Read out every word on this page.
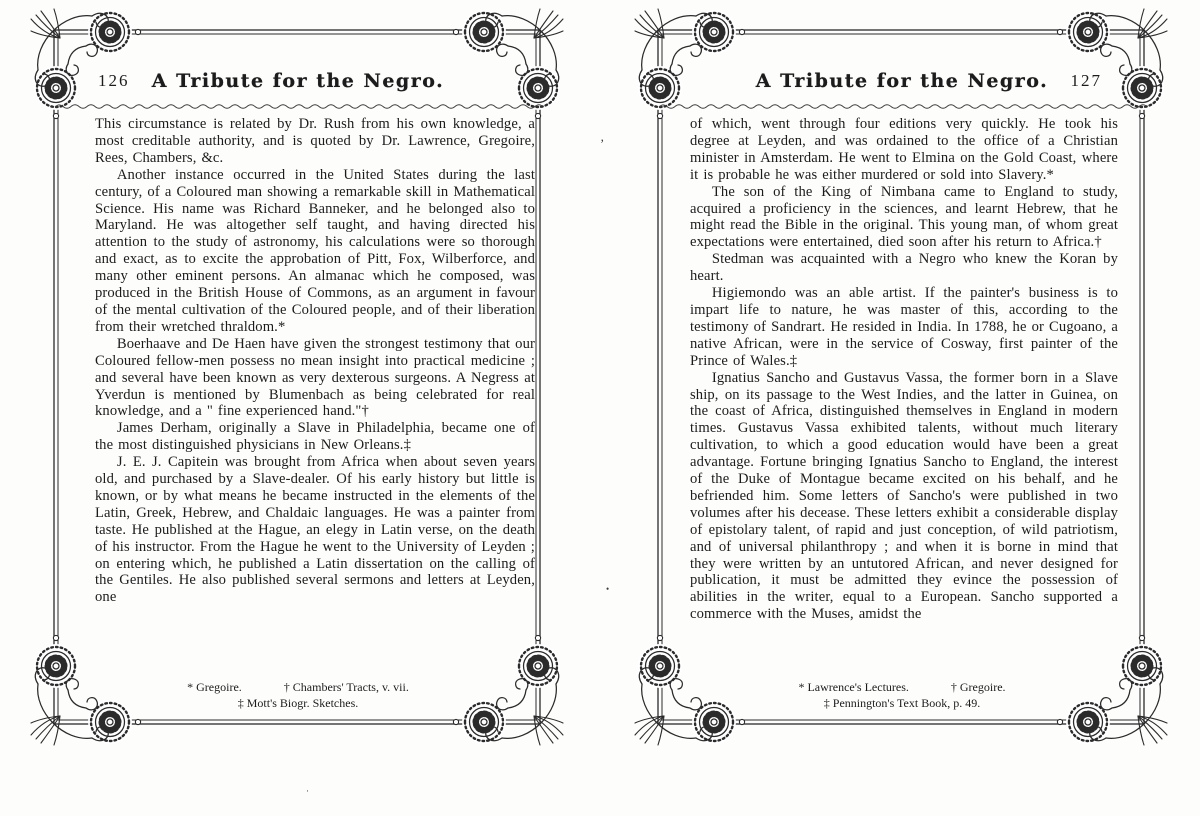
126	A Tribute for the Negro.

This circumstance is related by Dr. Rush from his own knowledge, a most creditable authority, and is quoted by Dr. Lawrence, Gregoire, Rees, Chambers, &c.

Another instance occurred in the United States during the last century, of a Coloured man showing a remarkable skill in Mathematical Science. His name was Richard Banneker, and he belonged also to Maryland. He was altogether self taught, and having directed his attention to the study of astronomy, his calculations were so thorough and exact, as to excite the approbation of Pitt, Fox, Wilberforce, and many other eminent persons. An almanac which he composed, was produced in the British House of Commons, as an argument in favour of the mental cultivation of the Coloured people, and of their liberation from their wretched thraldom.*

Boerhaave and De Haen have given the strongest testimony that our Coloured fellow-men possess no mean insight into practical medicine ; and several have been known as very dexterous surgeons. A Negress at Yverdun is mentioned by Blumenbach as being celebrated for real knowledge, and a " fine experienced hand."†

James Derham, originally a Slave in Philadelphia, became one of the most distinguished physicians in New Orleans.‡

J. E. J. Capitein was brought from Africa when about seven years old, and purchased by a Slave-dealer. Of his early history but little is known, or by what means he became instructed in the elements of the Latin, Greek, Hebrew, and Chaldaic languages. He was a painter from taste. He published at the Hague, an elegy in Latin verse, on the death of his instructor. From the Hague he went to the University of Leyden ; on entering which, he published a Latin dissertation on the calling of the Gentiles. He also published several sermons and letters at Leyden, one

* Gregoire.	† Chambers' Tracts, v. vii.
‡ Mott's Biogr. Sketches.
A Tribute for the Negro.	127

of which, went through four editions very quickly. He took his degree at Leyden, and was ordained to the office of a Christian minister in Amsterdam. He went to Elmina on the Gold Coast, where it is probable he was either murdered or sold into Slavery.*

The son of the King of Nimbana came to England to study, acquired a proficiency in the sciences, and learnt Hebrew, that he might read the Bible in the original. This young man, of whom great expectations were entertained, died soon after his return to Africa.†

Stedman was acquainted with a Negro who knew the Koran by heart.

Higiemondo was an able artist. If the painter's business is to impart life to nature, he was master of this, according to the testimony of Sandrart. He resided in India. In 1788, he or Cugoano, a native African, were in the service of Cosway, first painter of the Prince of Wales.‡

Ignatius Sancho and Gustavus Vassa, the former born in a Slave ship, on its passage to the West Indies, and the latter in Guinea, on the coast of Africa, distinguished themselves in England in modern times. Gustavus Vassa exhibited talents, without much literary cultivation, to which a good education would have been a great advantage. Fortune bringing Ignatius Sancho to England, the interest of the Duke of Montague became excited on his behalf, and he befriended him. Some letters of Sancho's were published in two volumes after his decease. These letters exhibit a considerable display of epistolary talent, of rapid and just conception, of wild patriotism, and of universal philanthropy ; and when it is borne in mind that they were written by an untutored African, and never designed for publication, it must be admitted they evince the possession of abilities in the writer, equal to a European. Sancho supported a commerce with the Muses, amidst the

* Lawrence's Lectures.	† Gregoire.
‡ Pennington's Text Book, p. 49.
’
•
·
